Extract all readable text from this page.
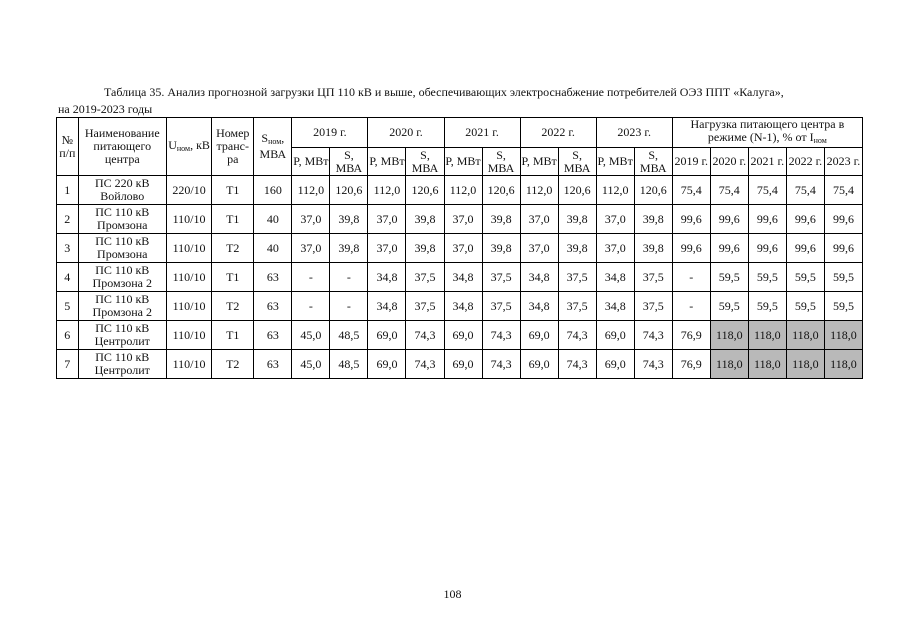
Таблица 35. Анализ прогнозной загрузки ЦП 110 кВ и выше, обеспечивающих электроснабжение потребителей ОЭЗ ППТ «Калуга»,
на 2019-2023 годы
№ п/п	Наименование питающего центра	$U_{ном}$, кВ	Номер транс-ра	$S_{ном}$, МВА	2019 г.		2020 г.		2021 г.		2022 г.		2023 г.		Нагрузка питающего центра в режиме (N-1), % от $I_{ном}$
					P, МВт	S, МВА	P, МВт	S, МВА	P, МВт	S, МВА	P, МВт	S, МВА	P, МВт	S, МВА	2019 г.	2020 г.	2021 г.	2022 г.	2023 г.
1	ПС 220 кВ Войлово	220/10	Т1	160	112,0	120,6	112,0	120,6	112,0	120,6	112,0	120,6	112,0	120,6	75,4	75,4	75,4	75,4	75,4
2	ПС 110 кВ Промзона	110/10	Т1	40	37,0	39,8	37,0	39,8	37,0	39,8	37,0	39,8	37,0	39,8	99,6	99,6	99,6	99,6	99,6
3	ПС 110 кВ Промзона	110/10	Т2	40	37,0	39,8	37,0	39,8	37,0	39,8	37,0	39,8	37,0	39,8	99,6	99,6	99,6	99,6	99,6
4	ПС 110 кВ Промзона 2	110/10	Т1	63	-	-	34,8	37,5	34,8	37,5	34,8	37,5	34,8	37,5	-	59,5	59,5	59,5	59,5
5	ПС 110 кВ Промзона 2	110/10	Т2	63	-	-	34,8	37,5	34,8	37,5	34,8	37,5	34,8	37,5	-	59,5	59,5	59,5	59,5
6	ПС 110 кВ Центролит	110/10	Т1	63	45,0	48,5	69,0	74,3	69,0	74,3	69,0	74,3	69,0	74,3	76,9	118,0	118,0	118,0	118,0
7	ПС 110 кВ Центролит	110/10	Т2	63	45,0	48,5	69,0	74,3	69,0	74,3	69,0	74,3	69,0	74,3	76,9	118,0	118,0	118,0	118,0
108
